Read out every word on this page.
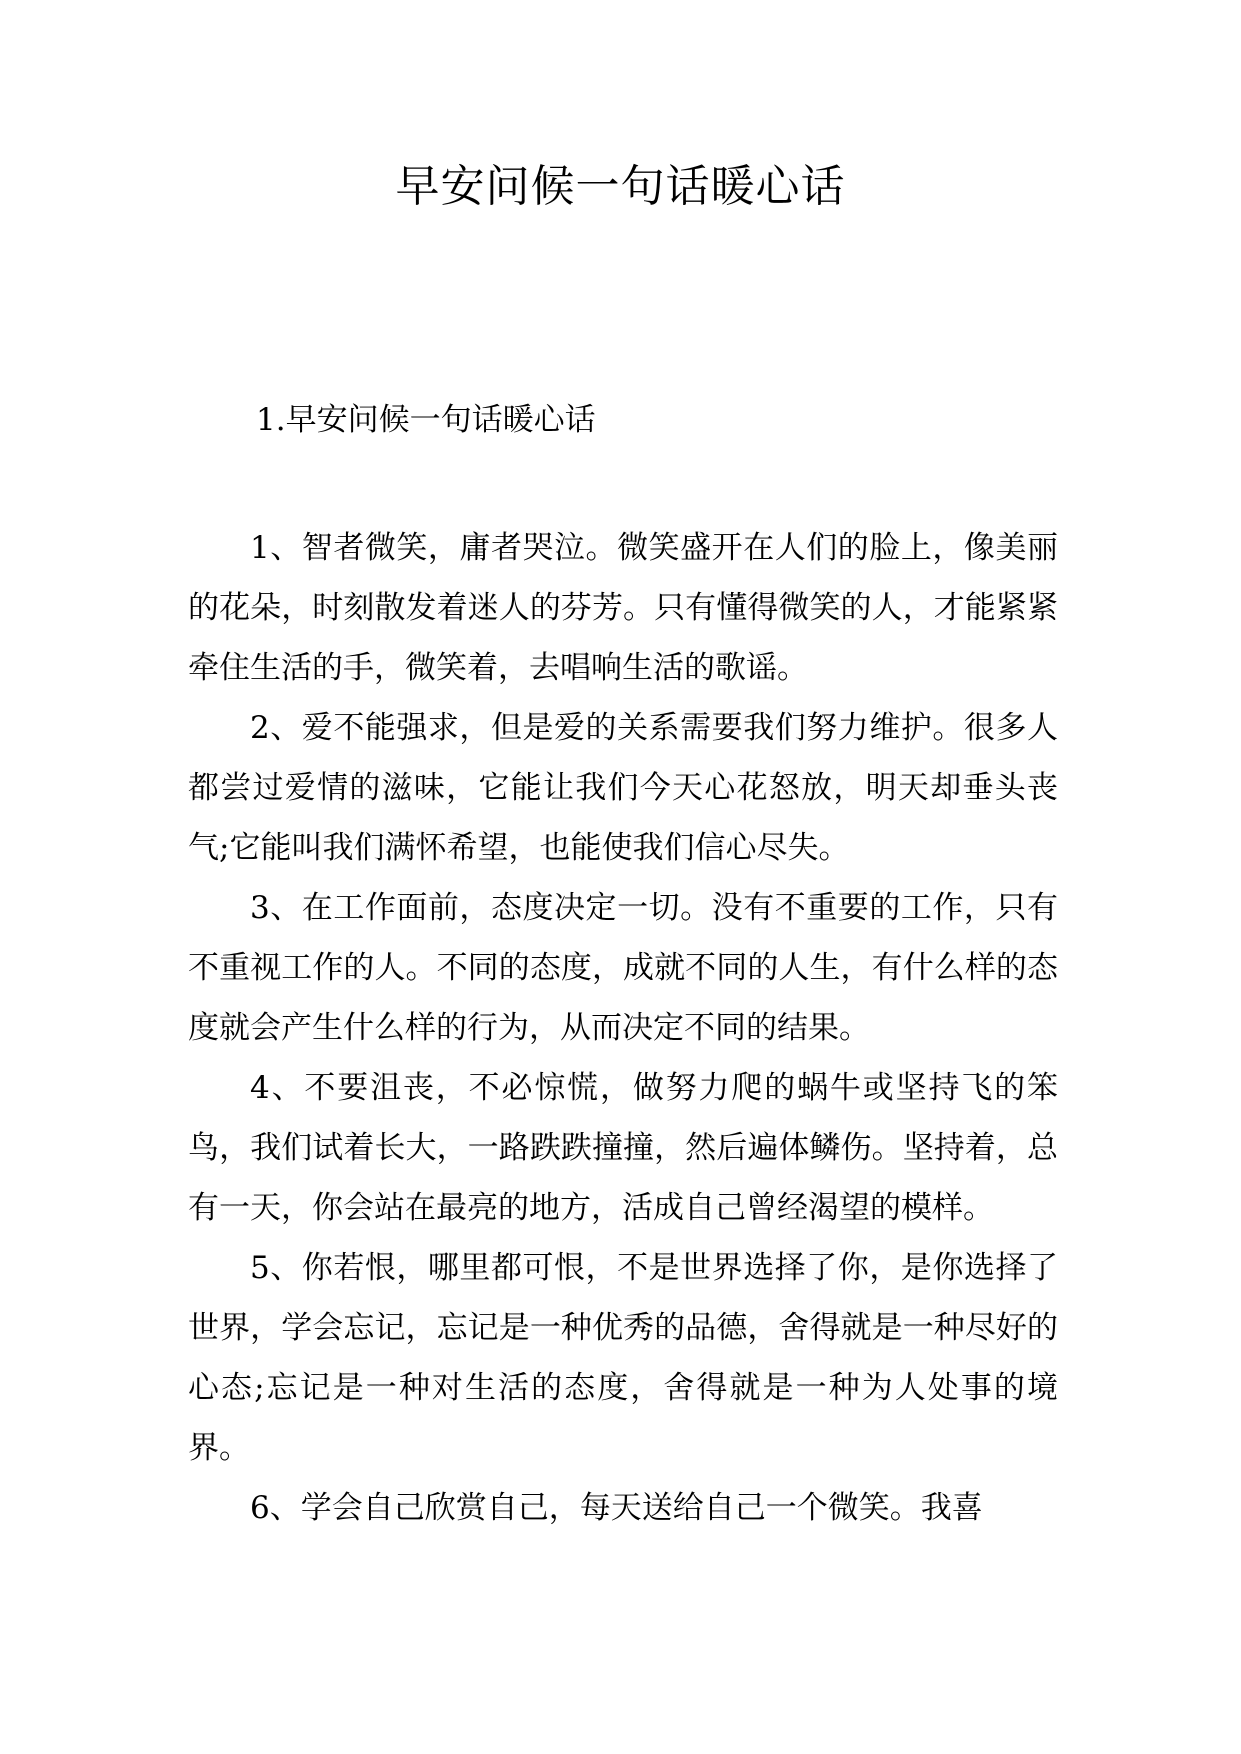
早安问候一句话暖心话
1.早安问候一句话暖心话

1、智者微笑，庸者哭泣。微笑盛开在人们的脸上，像美丽的花朵，时刻散发着迷人的芬芳。只有懂得微笑的人，才能紧紧牵住生活的手，微笑着，去唱响生活的歌谣。

2、爱不能强求，但是爱的关系需要我们努力维护。很多人都尝过爱情的滋味，它能让我们今天心花怒放，明天却垂头丧气;它能叫我们满怀希望，也能使我们信心尽失。

3、在工作面前，态度决定一切。没有不重要的工作，只有不重视工作的人。不同的态度，成就不同的人生，有什么样的态度就会产生什么样的行为，从而决定不同的结果。

4、不要沮丧，不必惊慌，做努力爬的蜗牛或坚持飞的笨鸟，我们试着长大，一路跌跌撞撞，然后遍体鳞伤。坚持着，总有一天，你会站在最亮的地方，活成自己曾经渴望的模样。

5、你若恨，哪里都可恨，不是世界选择了你，是你选择了世界，学会忘记，忘记是一种优秀的品德，舍得就是一种尽好的心态;忘记是一种对生活的态度，舍得就是一种为人处事的境界。

6、学会自己欣赏自己，每天送给自己一个微笑。我喜
